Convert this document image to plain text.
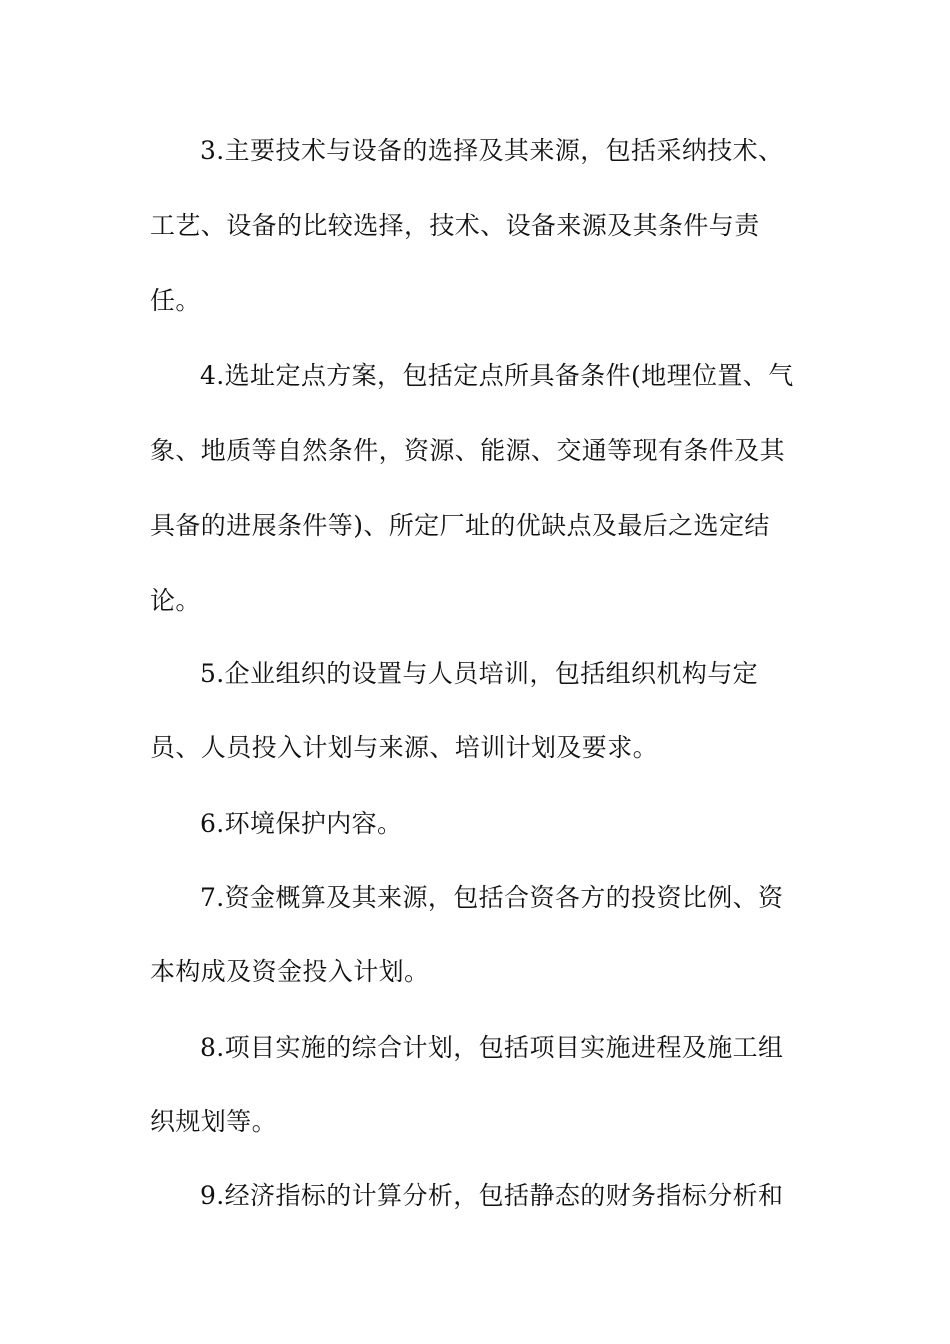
3.主要技术与设备的选择及其来源，包括采纳技术、
工艺、设备的比较选择，技术、设备来源及其条件与责
任。
4.选址定点方案，包括定点所具备条件(地理位置、气
象、地质等自然条件，资源、能源、交通等现有条件及其
具备的进展条件等)、所定厂址的优缺点及最后之选定结
论。
5.企业组织的设置与人员培训，包括组织机构与定
员、人员投入计划与来源、培训计划及要求。
6.环境保护内容。
7.资金概算及其来源，包括合资各方的投资比例、资
本构成及资金投入计划。
8.项目实施的综合计划，包括项目实施进程及施工组
织规划等。
9.经济指标的计算分析，包括静态的财务指标分析和
